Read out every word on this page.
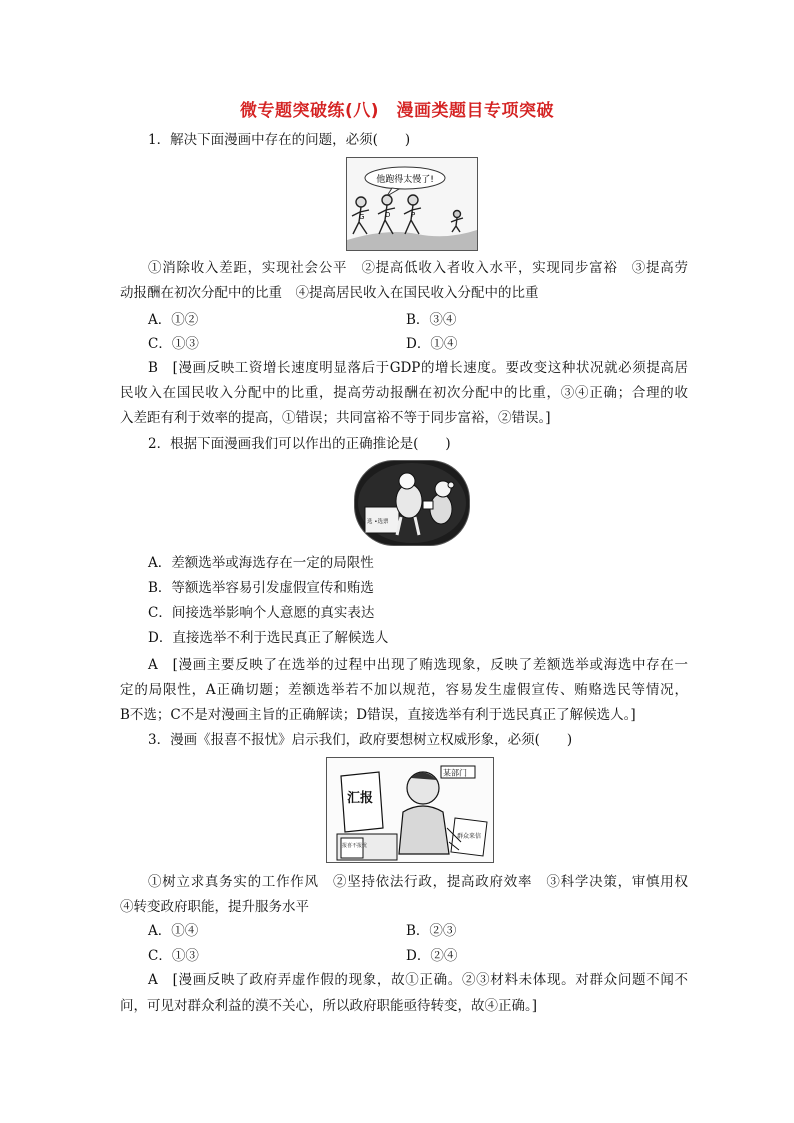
微专题突破练(八)　漫画类题目专项突破
1．解决下面漫画中存在的问题，必须(　　)
他跑得太慢了!
G	D	P
①消除收入差距，实现社会公平　②提高低收入者收入水平，实现同步富裕　③提高劳
动报酬在初次分配中的比重　④提高居民收入在国民收入分配中的比重
A．①②	B．③④
C．①③	D．①④
B　[漫画反映工资增长速度明显落后于GDP的增长速度。要改变这种状况就必须提高居
民收入在国民收入分配中的比重，提高劳动报酬在初次分配中的比重，③④正确；合理的收
入差距有利于效率的提高，①错误；共同富裕不等于同步富裕，②错误。]
2．根据下面漫画我们可以作出的正确推论是(　　)
选 •选票
A．差额选举或海选存在一定的局限性
B．等额选举容易引发虚假宣传和贿选
C．间接选举影响个人意愿的真实表达
D．直接选举不利于选民真正了解候选人
A　[漫画主要反映了在选举的过程中出现了贿选现象，反映了差额选举或海选中存在一
定的局限性，A正确切题；差额选举若不加以规范，容易发生虚假宣传、贿赂选民等情况，
B不选；C不是对漫画主旨的正确解读；D错误，直接选举有利于选民真正了解候选人。]
3．漫画《报喜不报忧》启示我们，政府要想树立权威形象，必须(　　)
汇报
某部门
报喜不报忧
群众来信
①树立求真务实的工作作风　②坚持依法行政，提高政府效率　③科学决策，审慎用权
④转变政府职能，提升服务水平
A．①④	B．②③
C．①③	D．②④
A　[漫画反映了政府弄虚作假的现象，故①正确。②③材料未体现。对群众问题不闻不
问，可见对群众利益的漠不关心，所以政府职能亟待转变，故④正确。]
